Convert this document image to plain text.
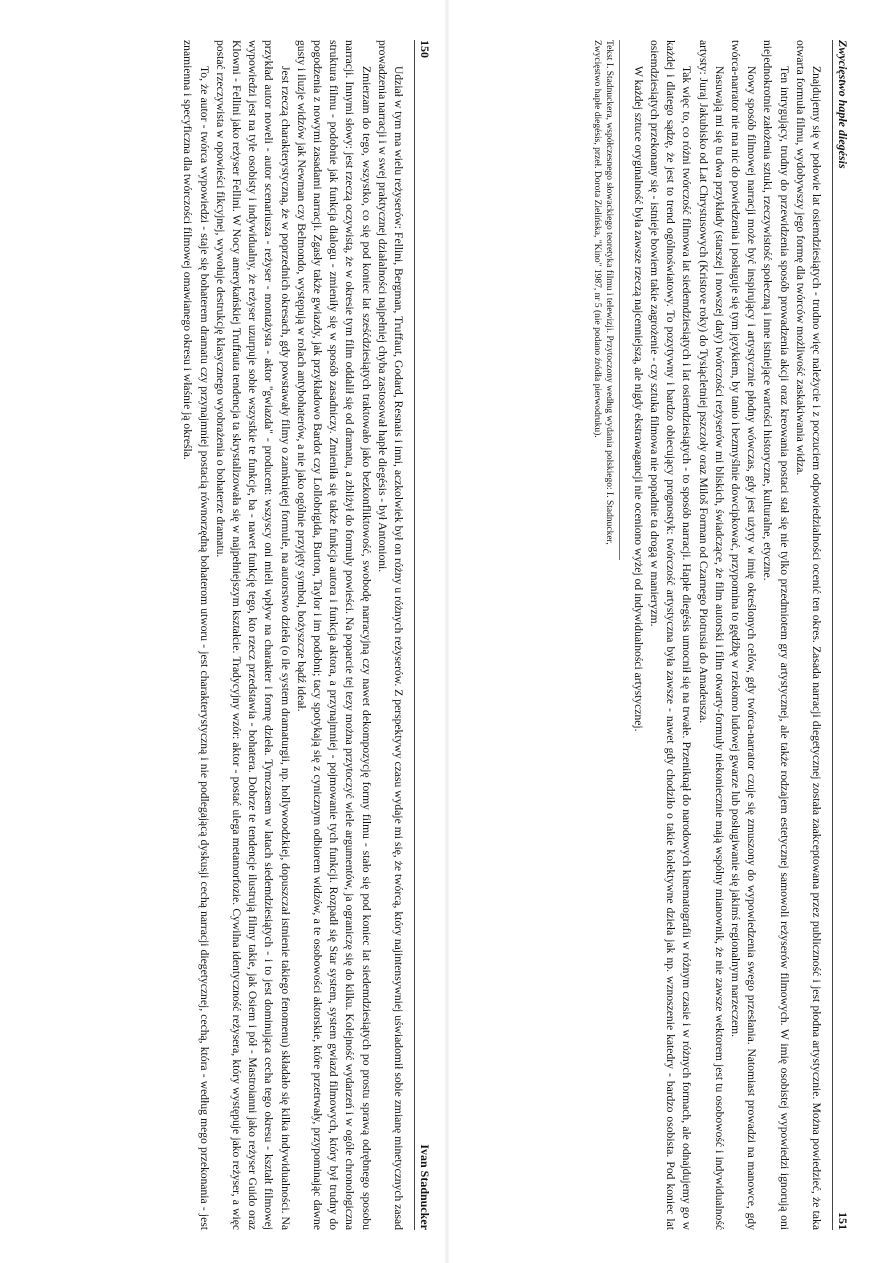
150
Ivan Stadnucker

Udział w tym ma wielu reżyserów: Fellini, Bergman, Truffaut, Godard, Resnais i inni, aczkolwiek był on różny u różnych reżyserów. Z perspektywy czasu wydaje mi się, że twórcą, który najintensywniej uświadomił sobie zmianę minetycznych zasad prowadzenia narracji i w swej praktycznej działalności najpełniej chyba zastosował hapłe diegésis - był Antonioni.

Zmierzam do tego, wszystko, co się pod koniec lat sześćdziesiątych traktowało jako bezkonfliktowość, swobodę narracyjną czy nawet dekompozycję formy filmu - stało się pod koniec lat siedemdziesiątych po prostu sprawą odrębnego sposobu narracji. Innymi słowy: jest rzeczą oczywistą, że w okresie tym film oddalił się od dramatu, a zbliżył do formuły powieści. Na poparcie tej tezy można przytoczyć wiele argumentów, ja ograniczę się do kilku. Kolejność wydarzeń i w ogóle chronologiczna struktura filmu - podobnie jak funkcja dialogu - zmieniły się w sposób zasadniczy. Zmieniła się także funkcja autora i funkcja aktora, a przynajmniej - pojmowanie tych funkcji. Rozpadł się Star system, system gwiazd filmowych, który był trudny do pogodzenia z nowymi zasadami narracji. Zgasły także gwiazdy, jak przykładowo Bardot czy Lollobrigida, Burton, Taylor i im podobni; tacy spotykają się z cynicznym odbiorem widzów, a te osobowości aktorskie, które przetrwały, przypominając dawne gusty i iluzje widzów jak Newman czy Belmondo, występują w rolach antybohaterów, a nie jako ogólnie przyjęty symbol, bożyszcze bądź ideał.

Jest rzeczą charakterystyczną, że w poprzednich okresach, gdy powstawały filmy o zamkniętej formule, na autorstwo dzieła (o ile system dramaturgii, np. hollywoodzkiej, dopuszczał istnienie takiego fenomenu) składało się kilka indywidualności. Na przykład autor noweli - autor scenariusza - reżyser - montażysta - aktor "gwiazda" - producent: wszyscy oni mieli wpływ na charakter i formę dzieła. Tymczasem w latach siedemdziesiątych - i to jest dominująca cecha tego okresu - kształt filmowej wypowiedzi jest na tyle osobisty i indywidualny, że reżyser uzurpuje sobie wszystkie te funkcje, ba - nawet funkcję tego, kto rzecz przedstawia - bohatera. Dobrze te tendencje ilustrują filmy takie, jak Osiem i pół - Mastroianni jako reżyser Guido oraz Klowni - Fellini jako reżyser Fellini. W Nocy amerykańskiej Truffauta tendencja ta skrystalizowała się w najpełniejszym kształcie. Tradycyjny wzór: aktor - postać ulega metamorfozie. Cywilna identyczność reżysera, który występuje jako reżyser, a więc postać rzeczywista w opowieści fikcyjnej, wywołuje destrukcję klasycznego wyobrażenia o bohaterze dramatu.

To, że autor - twórca wypowiedzi - staje się bohaterem dramatu czy przynajmniej postacią równorzędną bohaterom utworu - jest charakterystyczną i nie podlegającą dyskusji cechą narracji diegetycznej, cechą, która - według mego przekonania - jest znamienna i specyficzna dla twórczości filmowej omawianego okresu i właśnie ją określa.	Zwycięstwo hapłe diegésis
151

Znajdujemy się w połowie lat osiemdziesiątych - trudno więc należycie i z poczuciem odpowiedzialności ocenić ten okres. Zasada narracji diegetycznej została zaakceptowana przez publiczność i jest płodna artystycznie. Można powiedzieć, że taka otwarta formuła filmu, wydobywszy jego formę dla twórców możliwość zaskakiwania widza.

Ten intrygujący, trudny do przewidzenia sposób prowadzenia akcji oraz kreowania postaci stał się nie tylko przedmiotem gry artystycznej, ale także rodzajem estetycznej samowoli reżyserów filmowych. W imię osobistej wypowiedzi ignorują oni niejednokrotnie założenia sztuki, rzeczywistość społeczną i inne istniejące wartości historyczne, kulturalne, etyczne.

Nowy sposób filmowej narracji może być inspirujący i artystycznie płodny wówczas, gdy jest użyty w imię określonych celów, gdy twórca-narrator czuje się zmuszony do wypowiedzenia swego przesłania. Natomiast prowadzi na manowce, gdy twórca-narrator nie ma nic do powiedzenia i posługuje się tym językiem, by tanio i bezmyślnie dowcipkować, przypomina to gędźbę w rzekomo ludowej gwarze lub posługiwanie się jakimś regionalnym narzeczem.

Nasuwają mi się tu dwa przykłady (starszej i nowszej daty) twórczości reżyserów mi bliskich, świadczące, że film autorski i film otwarty-formuły niekoniecznie mają wspólny mianownik, że nie zawsze wektorem jest tu osobowość i indywidualność artysty: Juraj Jakubisko od Lat Chrystusowych (Kristove roky) do Tysiącletniej pszczoły oraz Miloš Forman od Czarnego Piotrusia do Amadeusza.

Tak więc to, co różni twórczość filmowa lat siedemdziesiątych i lat osiemdziesiątych - to sposób narracji. Hapłe diegésis umocnił się na trwałe. Przeniknął do narodowych kinematografii w różnym czasie i w różnych formach, ale odnajdujemy go w każdej i dlatego sądzę, że jest to trend ogólnoświatowy. To pozytywny i bardzo obiecujący prognostyk: twórczość artystyczna była zawsze - nawet gdy chodziło o takie kolektywne dzieła jak np. wznoszenie katedry - bardzo osobista. Pod koniec lat osiemdziesiątych przekonany się - istnieje bowiem takie zagrożenie - czy sztuka filmowa nie popadnie ta drogą w manieryzm.

W każdej sztuce oryginalność była zawsze rzeczą najcenniejszą, ale nigdy ekstrawagancji nie oceniono wyżej od indywidualności artystycznej.

Tekst I. Stadnuckera, współczesnego słowackiego teoretyka filmu i telewizji. Przytoczony według wydania polskiego: I. Stadnucker, Zwycięstwo hapłe diegésis, przeł. Dorota Zielińska, "Kino" 1987, nr 5 (nie podano źródła pierwodruku).
